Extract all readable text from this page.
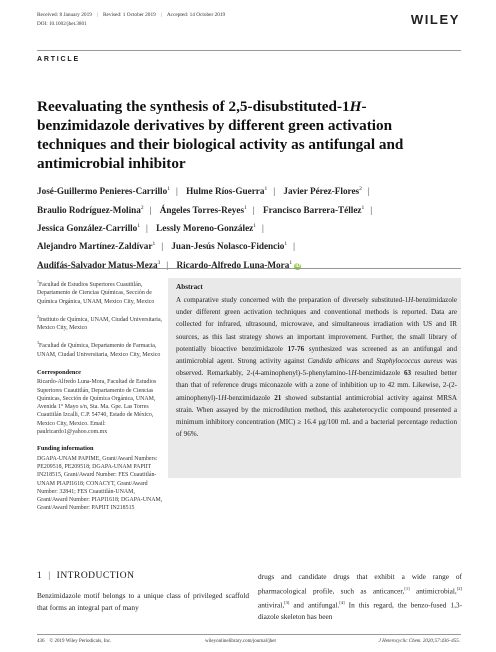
Received: 8 January 2019 | Revised: 1 October 2019 | Accepted: 14 October 2019
DOI: 10.1002/jhet.3801	WILEY
ARTICLE
Reevaluating the synthesis of 2,5-disubstituted-1H-benzimidazole derivatives by different green activation techniques and their biological activity as antifungal and antimicrobial inhibitor
José-Guillermo Penieres-Carrillo$^1$ | Hulme Ríos-Guerra$^1$ | Javier Pérez-Flores$^2$ |
Braulio Rodríguez-Molina$^2$ | Ángeles Torres-Reyes$^1$ | Francisco Barrera-Téllez$^1$ |
Jessica González-Carrillo$^1$ | Lessly Moreno-González$^1$ |
Alejandro Martínez-Zaldívar$^1$ | Juan-Jesús Nolasco-Fidencio$^1$ |
Audifás-Salvador Matus-Meza$^3$ | Ricardo-Alfredo Luna-Mora$^1$ iD
$^1$Facultad de Estudios Superiores Cuautitlán, Departamento de Ciencias Químicas, Sección de Química Orgánica, UNAM, Mexico City, Mexico
$^2$Instituto de Química, UNAM, Ciudad Universitaria, Mexico City, Mexico
$^3$Facultad de Química, Departamento de Farmacia, UNAM, Ciudad Universitaria, Mexico City, Mexico
Correspondence
Ricardo-Alfredo Luna-Mora, Facultad de Estudios Superiores Cuautitlán, Departamento de Ciencias Químicas, Sección de Química Orgánica, UNAM, Avenida 1° Mayo s/n, Sta. Ma. Gpe. Las Torres Cuautitlán Izcalli, C.P. 54740, Estado de México, Mexico City, Mexico. Email: paulricardo1@yahoo.com.mx
Funding information
DGAPA-UNAM PAPIME, Grant/Award Numbers: PE209518, PE209518; DGAPA-UNAM PAPIIT IN218515, Grant/Award Number: FES Cuautitlán-UNAM PIAPI1618; CONACYT, Grant/Award Number: 32841; FES Cuautitlán-UNAM, Grant/Award Number: PIAPI1618; DGAPA-UNAM, Grant/Award Number: PAPIIT IN218515
Abstract
A comparative study concerned with the preparation of diversely substituted-1H-benzimidazole under different green activation techniques and conventional methods is reported. Data are collected for infrared, ultrasound, microwave, and simultaneous irradiation with US and IR sources, as this last strategy shows an important improvement. Further, the small library of potentially bioactive benzimidazole 17-76 synthesized was screened as an antifungal and antimicrobial agent. Strong activity against Candida albicans and Staphylococcus aureus was observed. Remarkably, 2-(4-aminophenyl)-5-phenylamino-1H-benzimidazole 63 resulted better than that of reference drugs miconazole with a zone of inhibition up to 42 mm. Likewise, 2-(2-aminophenyl)-1H-benzimidazole 21 showed substantial antimicrobial activity against MRSA strain. When assayed by the microdilution method, this azaheterocyclic compound presented a minimum inhibitory concentration (MIC) ≥ 16.4 μg/100 mL and a bacterial percentage reduction of 96%.
1 | INTRODUCTION
Benzimidazole motif belongs to a unique class of privileged scaffold that forms an integral part of many
drugs and candidate drugs that exhibit a wide range of pharmacological profile, such as anticancer,[1] antimicrobial,[2] antiviral,[3] and antifungal.[4] In this regard, the benzo-fused 1,3-diazole skeleton has been
436 © 2019 Wiley Periodicals, Inc.	wileyonlinelibrary.com/journal/jhet	J Heterocyclic Chem. 2020;57:436–455.
